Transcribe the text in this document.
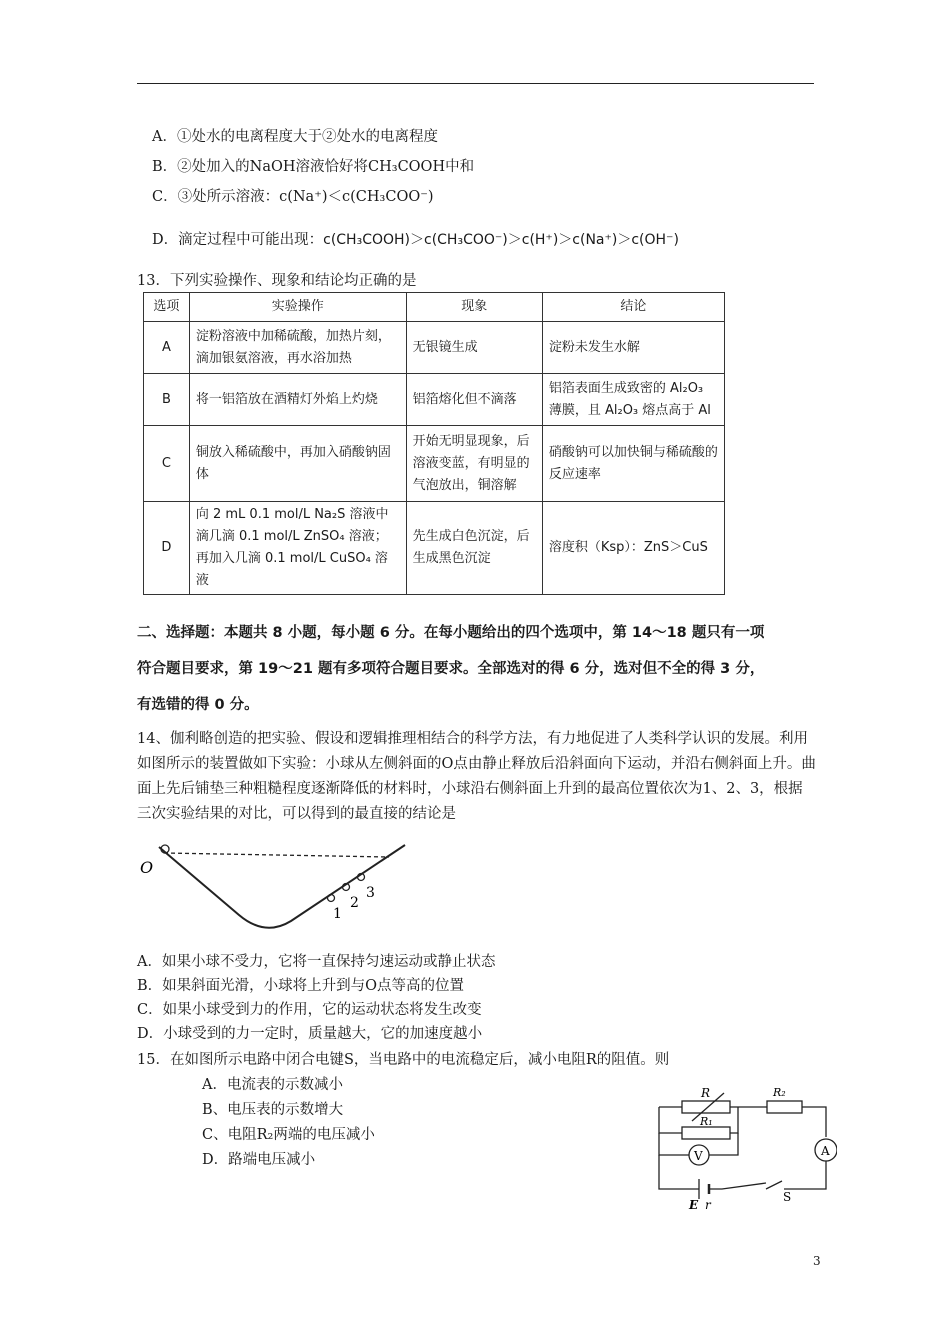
A．①处水的电离程度大于②处水的电离程度
B．②处加入的NaOH溶液恰好将CH₃COOH中和
C．③处所示溶液：c(Na⁺)＜c(CH₃COO⁻)
D．滴定过程中可能出现：c(CH₃COOH)＞c(CH₃COO⁻)＞c(H⁺)＞c(Na⁺)＞c(OH⁻)
13．下列实验操作、现象和结论均正确的是
选项	实验操作	现象	结论
A	淀粉溶液中加稀硫酸，加热片刻，滴加银氨溶液，再水浴加热	无银镜生成	淀粉未发生水解
B	将一铝箔放在酒精灯外焰上灼烧	铝箔熔化但不滴落	铝箔表面生成致密的 Al₂O₃ 薄膜，且 Al₂O₃ 熔点高于 Al
C	铜放入稀硫酸中，再加入硝酸钠固体	开始无明显现象，后溶液变蓝，有明显的气泡放出，铜溶解	硝酸钠可以加快铜与稀硫酸的反应速率
D	向 2 mL 0.1 mol/L Na₂S 溶液中滴几滴 0.1 mol/L ZnSO₄ 溶液；再加入几滴 0.1 mol/L CuSO₄ 溶液	先生成白色沉淀，后生成黑色沉淀	溶度积（Ksp）：ZnS＞CuS
二、选择题：本题共 8 小题，每小题 6 分。在每小题给出的四个选项中，第 14～18 题只有一项
符合题目要求，第 19～21 题有多项符合题目要求。全部选对的得 6 分，选对但不全的得 3 分，
有选错的得 0 分。
14、伽利略创造的把实验、假设和逻辑推理相结合的科学方法，有力地促进了人类科学认识的发展。利用如图所示的装置做如下实验：小球从左侧斜面的O点由静止释放后沿斜面向下运动，并沿右侧斜面上升。曲面上先后铺垫三种粗糙程度逐渐降低的材料时，小球沿右侧斜面上升到的最高位置依次为1、2、3，根据三次实验结果的对比，可以得到的最直接的结论是
O
1
2
3
A．如果小球不受力，它将一直保持匀速运动或静止状态
B．如果斜面光滑，小球将上升到与O点等高的位置
C．如果小球受到力的作用，它的运动状态将发生改变
D．小球受到的力一定时，质量越大，它的加速度越小
15．在如图所示电路中闭合电键S，当电路中的电流稳定后，减小电阻R的阻值。则
A．电流表的示数减小
B、电压表的示数增大
C、电阻R₂两端的电压减小
D．路端电压减小
R	R₂
R₁
V	A
E r
S
3
